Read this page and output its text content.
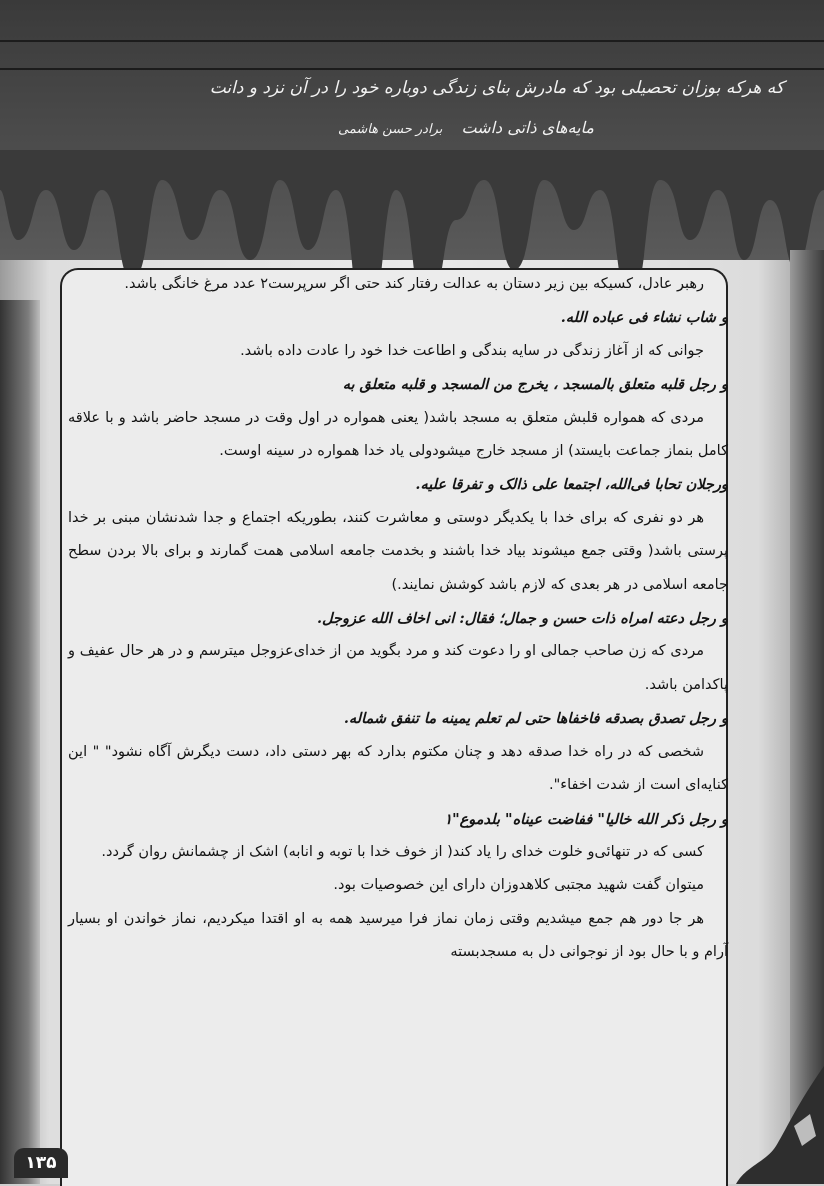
که هرکه بوزان تحصیلی بود که مادرش بنای زندگی دوباره خود را در آن نزد و دانت
مایه‌های ذاتی داشت برادر حسن هاشمی

رهبر عادل، کسیکه بین زیر دستان به عدالت رفتار کند حتی اگر سرپرست۲ عدد مرغ خانگی باشد.

و شاب نشاء فی عباده الله.

جوانی که از آغاز زندگی در سایه بندگی و اطاعت خدا خود را عادت داده باشد.

و رجل قلبه متعلق بالمسجد ، یخرج من المسجد و قلبه متعلق به

مردی که همواره قلبش متعلق به مسجد باشد( یعنی همواره در اول وقت در مسجد حاضر باشد و با علاقه کامل بنماز جماعت بایستد) از مسجد خارج میشودولی یاد خدا همواره در سینه اوست.

ورجلان تحابا فی‌الله، اجتمعا علی ذالک و تفرقا علیه.

هر دو نفری که برای خدا با یکدیگر دوستی و معاشرت کنند، بطوریکه اجتماع و جدا شدنشان مبنی بر خدا پرستی باشد( وقتی جمع میشوند بیاد خدا باشند و بخدمت جامعه اسلامی همت گمارند و برای بالا بردن سطح جامعه اسلامی در هر بعدی که لازم باشد کوشش نمایند.)

و رجل دعته امراه ذات حسن و جمال؛ فقال: انی اخاف الله عزوجل.

مردی که زن صاحب جمالی او را دعوت کند و مرد بگوید من از خدای‌عزوجل میترسم و در هر حال عفیف و پاکدامن باشد.

و رجل تصدق بصدقه فاخفاها حتی لم تعلم یمینه ما تنفق شماله.

شخصی که در راه خدا صدقه دهد و چنان مکتوم بدارد که بهر دستی داد، دست دیگرش آگاه نشود" " این کنایه‌ای است از شدت اخفاء".

و رجل ذکر الله خالیا" ففاضت عیناه" بلدموع"۱

کسی که در تنهائی‌و خلوت خدای را یاد کند( از خوف خدا با توبه و انابه) اشک از چشمانش روان گردد.

میتوان گفت شهید مجتبی کلاهدوزان دارای این خصوصیات بود.

هر جا دور هم جمع میشدیم وقتی زمان نماز فرا میرسید همه به او اقتدا میکردیم، نماز خواندن او بسیار آرام و با حال بود از نوجوانی دل به مسجدبسته

۱۳۵
